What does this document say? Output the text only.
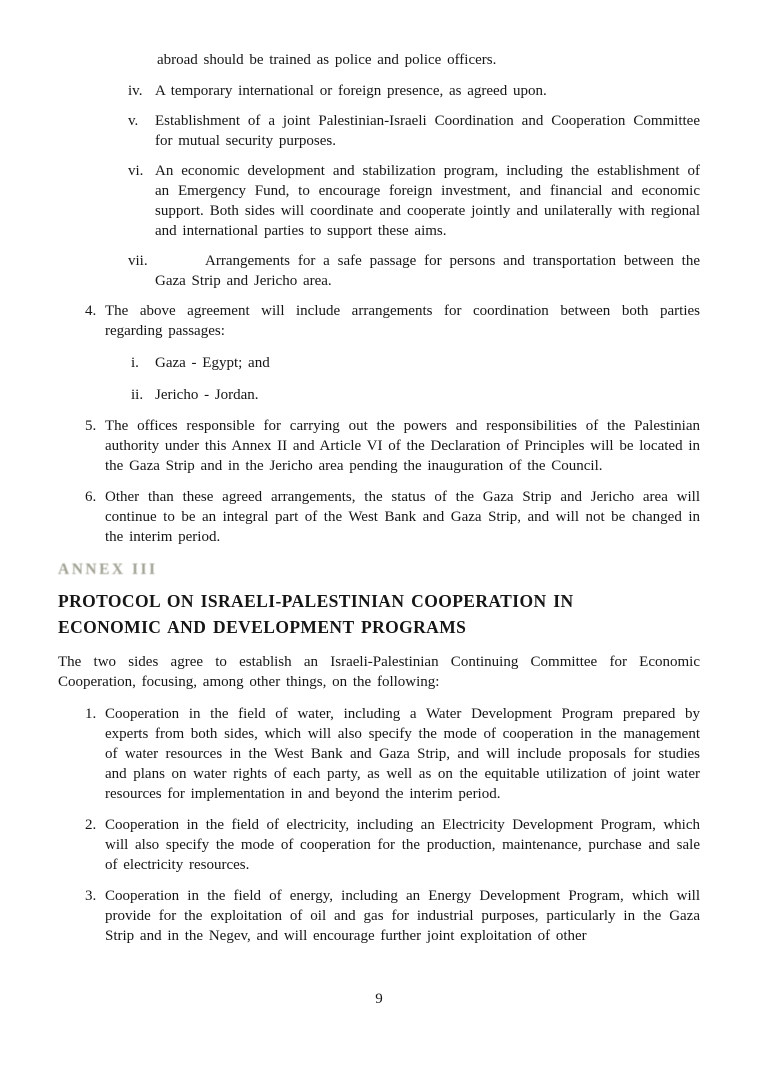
abroad should be trained as police and police officers.
iv. A temporary international or foreign presence, as agreed upon.
v.	Establishment of a joint Palestinian-Israeli Coordination and Cooperation Committee for mutual security purposes.
vi. An economic development and stabilization program, including the establishment of an Emergency Fund, to encourage foreign investment, and financial and economic support. Both sides will coordinate and cooperate jointly and unilaterally with regional and international parties to support these aims.
vii.	Arrangements for a safe passage for persons and transportation between the Gaza Strip and Jericho area.
4. The above agreement will include arrangements for coordination between both parties regarding passages:
i.	Gaza - Egypt; and
ii. Jericho - Jordan.
5. The offices responsible for carrying out the powers and responsibilities of the Palestinian authority under this Annex II and Article VI of the Declaration of Principles will be located in the Gaza Strip and in the Jericho area pending the inauguration of the Council.
6. Other than these agreed arrangements, the status of the Gaza Strip and Jericho area will continue to be an integral part of the West Bank and Gaza Strip, and will not be changed in the interim period.
ANNEX III
PROTOCOL ON ISRAELI-PALESTINIAN COOPERATION IN
ECONOMIC AND DEVELOPMENT PROGRAMS
The two sides agree to establish an Israeli-Palestinian Continuing Committee for Economic Cooperation, focusing, among other things, on the following:
1. Cooperation in the field of water, including a Water Development Program prepared by experts from both sides, which will also specify the mode of cooperation in the management of water resources in the West Bank and Gaza Strip, and will include proposals for studies and plans on water rights of each party, as well as on the equitable utilization of joint water resources for implementation in and beyond the interim period.
2. Cooperation in the field of electricity, including an Electricity Development Program, which will also specify the mode of cooperation for the production, maintenance, purchase and sale of electricity resources.
3. Cooperation in the field of energy, including an Energy Development Program, which will provide for the exploitation of oil and gas for industrial purposes, particularly in the Gaza Strip and in the Negev, and will encourage further joint exploitation of other
9
